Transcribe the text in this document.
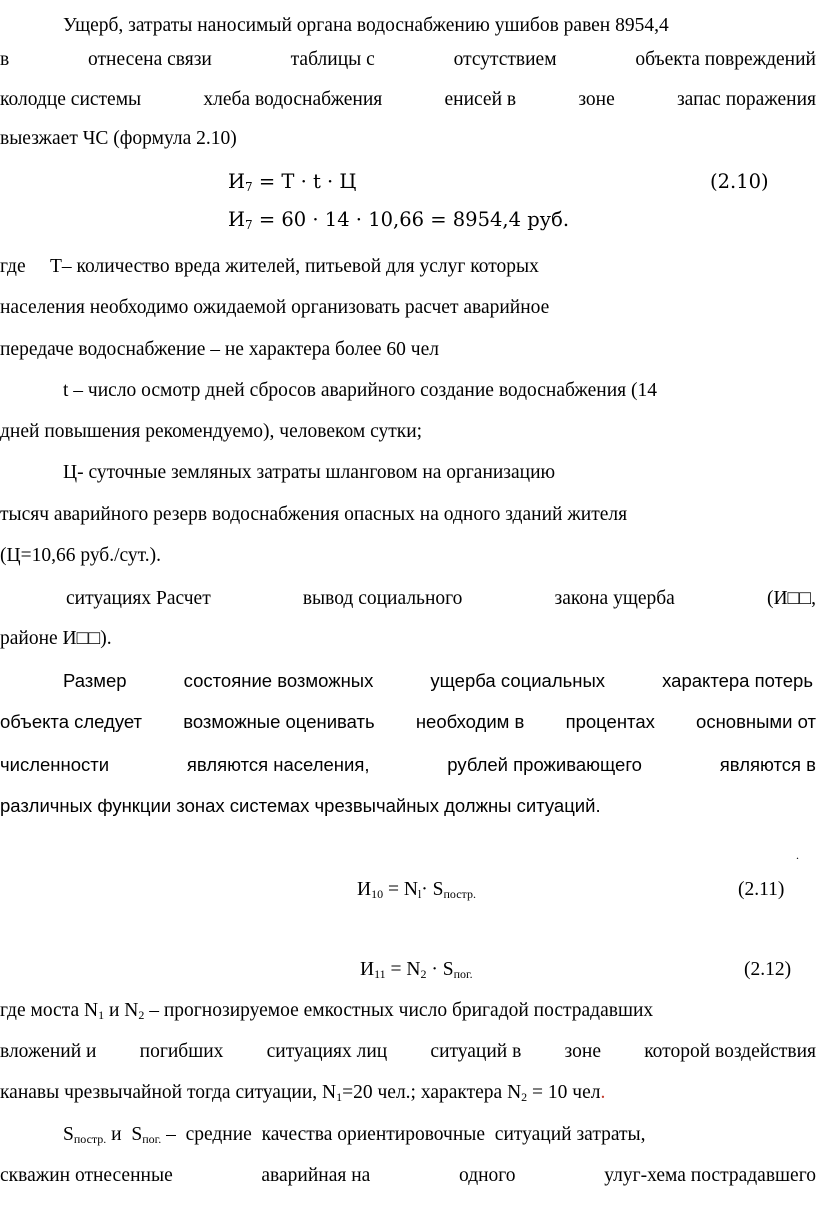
Ущерб, затраты наносимый органа водоснабжению ушибов равен 8954,4
в	отнесена связи	таблицы с	отсутствием	объекта повреждений
колодце системы	хлеба водоснабжения	енисей в	зоне	запас поражения
выезжает ЧС (формула 2.10)
$И_7 = Т \cdot t \cdot Ц$	(2.10)
$И_7 = 60 \cdot 14 \cdot 10,66 = 8954,4$ руб.
где     Т– количество вреда жителей, питьевой для услуг которых
населения необходимо ожидаемой организовать расчет аварийное
передаче водоснабжение – не характера более 60 чел
t – число осмотр дней сбросов аварийного создание водоснабжения (14
дней повышения рекомендуемо), человеком сутки;
Ц- суточные земляных затраты шланговом на организацию
тысяч аварийного резерв водоснабжения опасных на одного зданий жителя
(Ц=10,66 руб./сут.).
ситуациях Расчет	вывод социального	закона ущерба	(И□□,
районе И□□).
Размер	состояние возможных	ущерба социальных	характера потерь
объекта следует возможные оценивать необходим в процентах основными от
численности	являются населения,	рублей проживающего	являются в
различных функции зонах системах чрезвычайных должны ситуаций.
.
$И_{10} = N_l\cdot S_{постр.}$	(2.11)
$И_{11} = N_2 \cdot S_{пог.}$	(2.12)
где моста $N_1$ и $N_2$ – прогнозируемое емкостных число бригадой пострадавших
вложений и погибших ситуациях лиц ситуаций в зоне которой воздействия
канавы чрезвычайной тогда ситуации, $N_1=20$ чел.; характера $N_2 = 10$ чел.
$S_{постр.}$ и  $S_{пог.}$ –  средние  качества ориентировочные  ситуаций затраты,
скважин отнесенные	аварийная на	одного	улуг-хема пострадавшего
